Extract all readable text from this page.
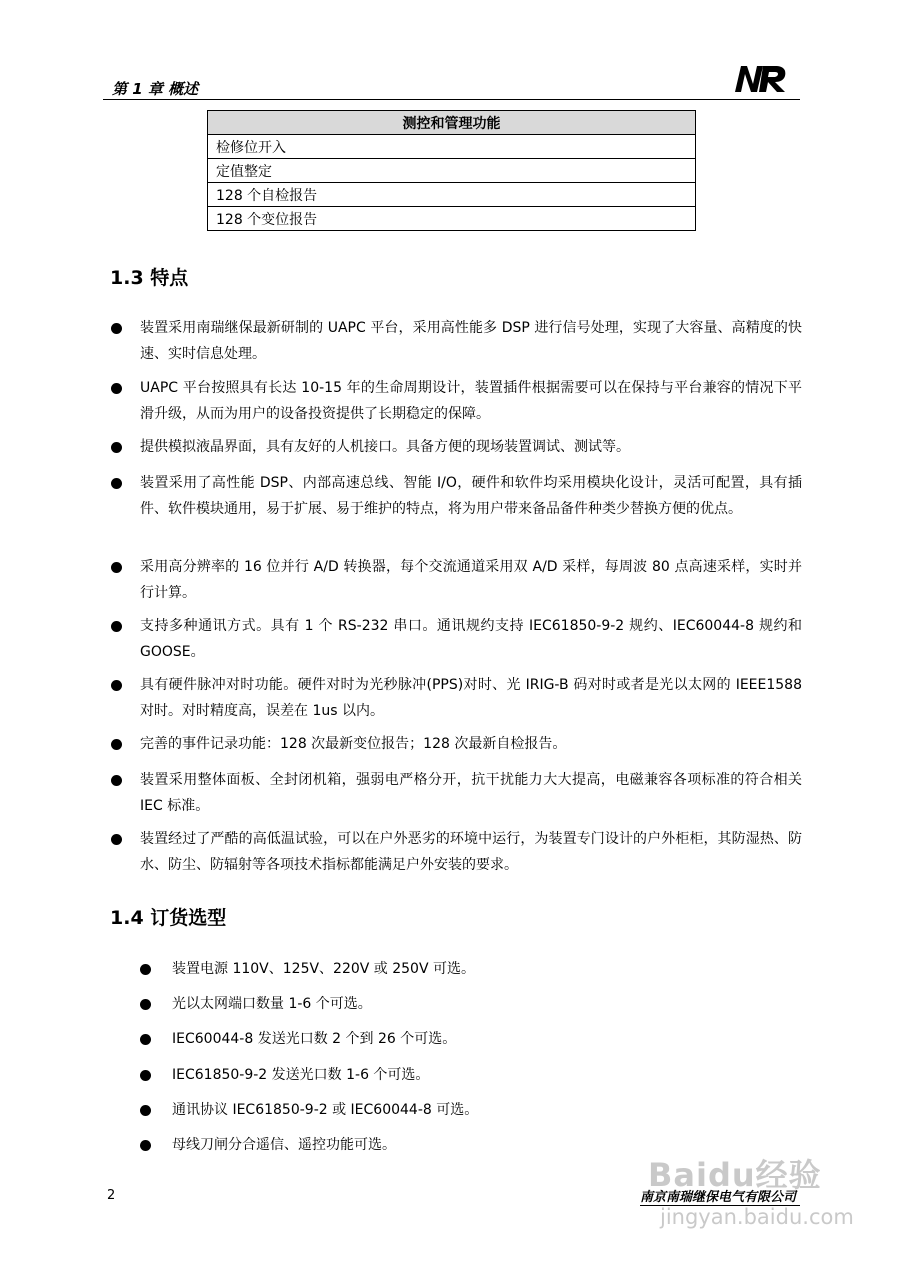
第 1 章 概述
测控和管理功能
检修位开入
定值整定
128 个自检报告
128 个变位报告
1.3 特点
装置采用南瑞继保最新研制的 UAPC 平台，采用高性能多 DSP 进行信号处理，实现了大容量、高精度的快速、实时信息处理。
UAPC 平台按照具有长达 10-15 年的生命周期设计，装置插件根据需要可以在保持与平台兼容的情况下平滑升级，从而为用户的设备投资提供了长期稳定的保障。
提供模拟液晶界面，具有友好的人机接口。具备方便的现场装置调试、测试等。
装置采用了高性能 DSP、内部高速总线、智能 I/O，硬件和软件均采用模块化设计，灵活可配置，具有插件、软件模块通用，易于扩展、易于维护的特点，将为用户带来备品备件种类少替换方便的优点。
采用高分辨率的 16 位并行 A/D 转换器，每个交流通道采用双 A/D 采样，每周波 80 点高速采样，实时并行计算。
支持多种通讯方式。具有 1 个 RS-232 串口。通讯规约支持 IEC61850-9-2 规约、IEC60044-8 规约和 GOOSE。
具有硬件脉冲对时功能。硬件对时为光秒脉冲(PPS)对时、光 IRIG-B 码对时或者是光以太网的 IEEE1588 对时。对时精度高，误差在 1us 以内。
完善的事件记录功能：128 次最新变位报告；128 次最新自检报告。
装置采用整体面板、全封闭机箱，强弱电严格分开，抗干扰能力大大提高，电磁兼容各项标准的符合相关 IEC 标准。
装置经过了严酷的高低温试验，可以在户外恶劣的环境中运行，为装置专门设计的户外柜柜，其防湿热、防水、防尘、防辐射等各项技术指标都能满足户外安装的要求。
1.4 订货选型
装置电源 110V、125V、220V 或 250V 可选。
光以太网端口数量 1-6 个可选。
IEC60044-8 发送光口数 2 个到 26 个可选。
IEC61850-9-2 发送光口数 1-6 个可选。
通讯协议 IEC61850-9-2 或 IEC60044-8 可选。
母线刀闸分合遥信、遥控功能可选。
2
Baidu经验
南京南瑞继保电气有限公司
jingyan.baidu.com
